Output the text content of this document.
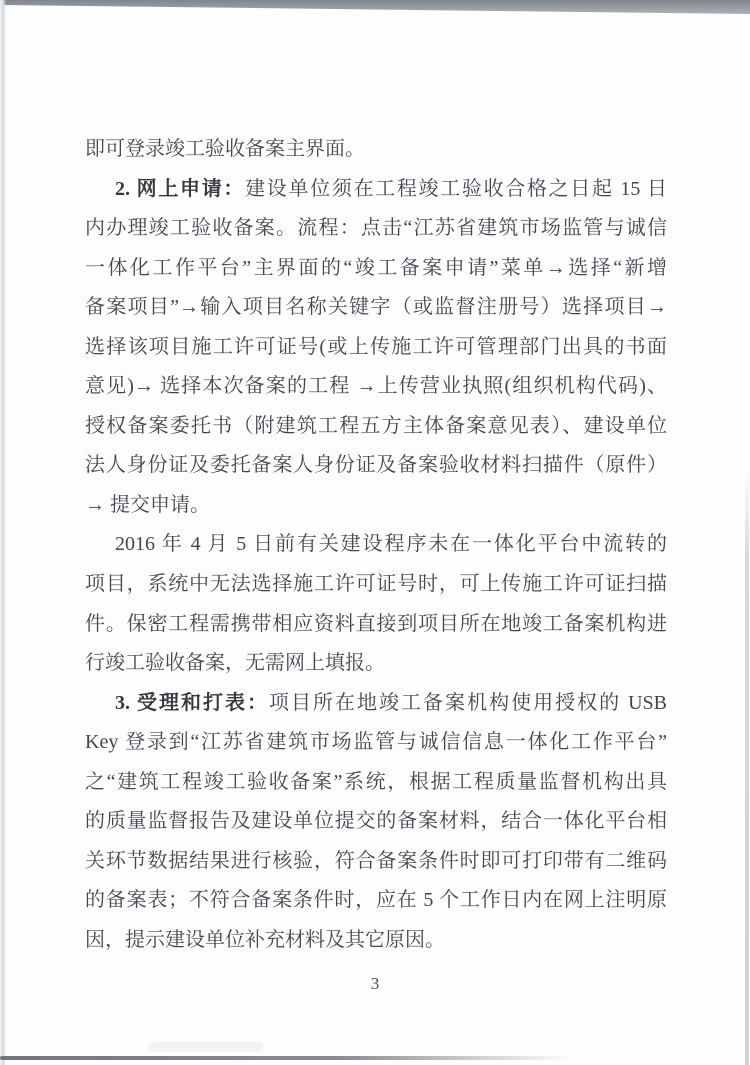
即可登录竣工验收备案主界面。
2. 网上申请：建设单位须在工程竣工验收合格之日起 15 日
内办理竣工验收备案。流程：点击“江苏省建筑市场监管与诚信
一体化工作平台”主界面的“竣工备案申请”菜单→选择“新增
备案项目”→输入项目名称关键字（或监督注册号）选择项目→
选择该项目施工许可证号(或上传施工许可管理部门出具的书面
意见)→ 选择本次备案的工程 →上传营业执照(组织机构代码)、
授权备案委托书（附建筑工程五方主体备案意见表）、建设单位
法人身份证及委托备案人身份证及备案验收材料扫描件（原件）
→ 提交申请。
2016 年 4 月 5 日前有关建设程序未在一体化平台中流转的
项目，系统中无法选择施工许可证号时，可上传施工许可证扫描
件。保密工程需携带相应资料直接到项目所在地竣工备案机构进
行竣工验收备案，无需网上填报。
3. 受理和打表：项目所在地竣工备案机构使用授权的 USB
Key 登录到“江苏省建筑市场监管与诚信信息一体化工作平台”
之“建筑工程竣工验收备案”系统，根据工程质量监督机构出具
的质量监督报告及建设单位提交的备案材料，结合一体化平台相
关环节数据结果进行核验，符合备案条件时即可打印带有二维码
的备案表；不符合备案条件时，应在 5 个工作日内在网上注明原
因，提示建设单位补充材料及其它原因。
3
